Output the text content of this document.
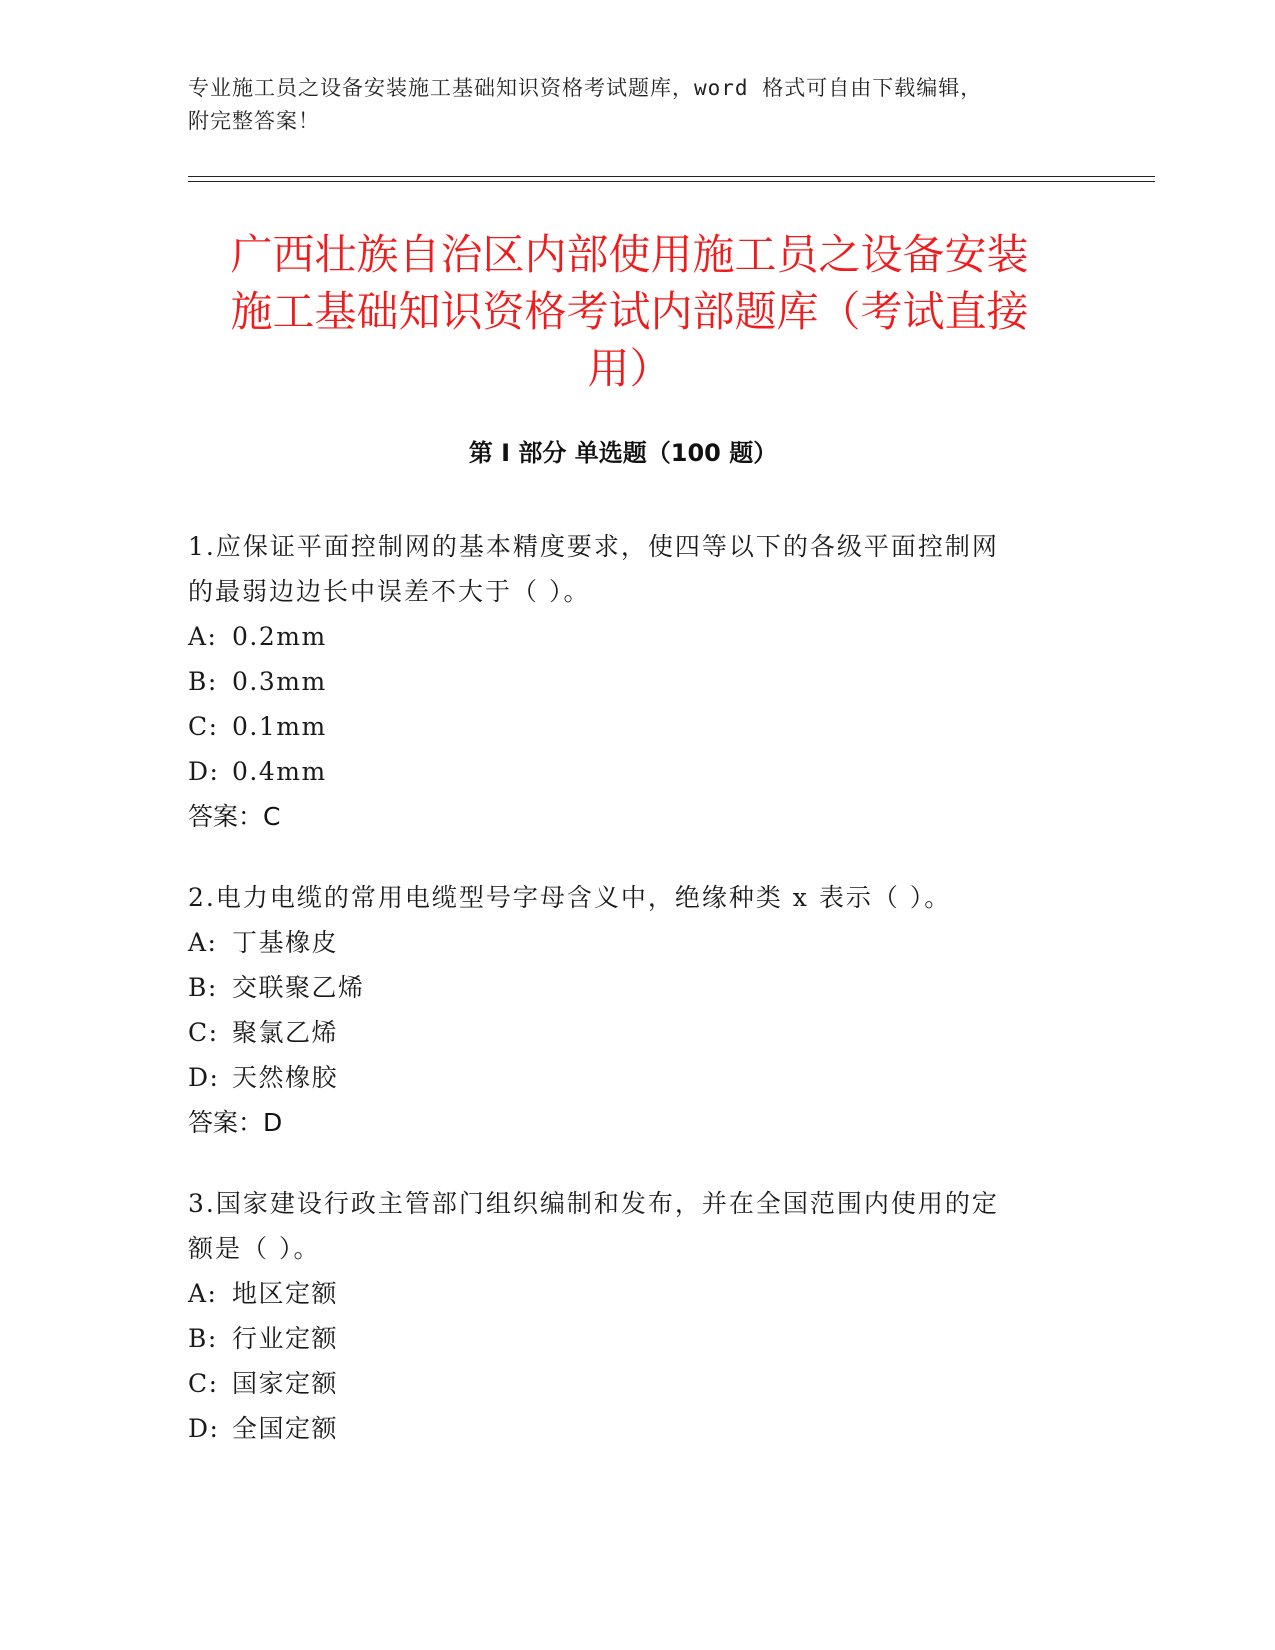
专业施工员之设备安装施工基础知识资格考试题库，word 格式可自由下载编辑，
附完整答案！
广西壮族自治区内部使用施工员之设备安装
施工基础知识资格考试内部题库（考试直接
用）
第 I 部分 单选题（100 题）

1.应保证平面控制网的基本精度要求，使四等以下的各级平面控制网

的最弱边边长中误差不大于（ ）。

A: 0.2mm

B: 0.3mm

C: 0.1mm

D: 0.4mm

答案：C

2.电力电缆的常用电缆型号字母含义中，绝缘种类 x 表示（ ）。

A: 丁基橡皮

B: 交联聚乙烯

C: 聚氯乙烯

D: 天然橡胶

答案：D

3.国家建设行政主管部门组织编制和发布，并在全国范围内使用的定

额是（ ）。

A: 地区定额

B: 行业定额

C: 国家定额

D: 全国定额
